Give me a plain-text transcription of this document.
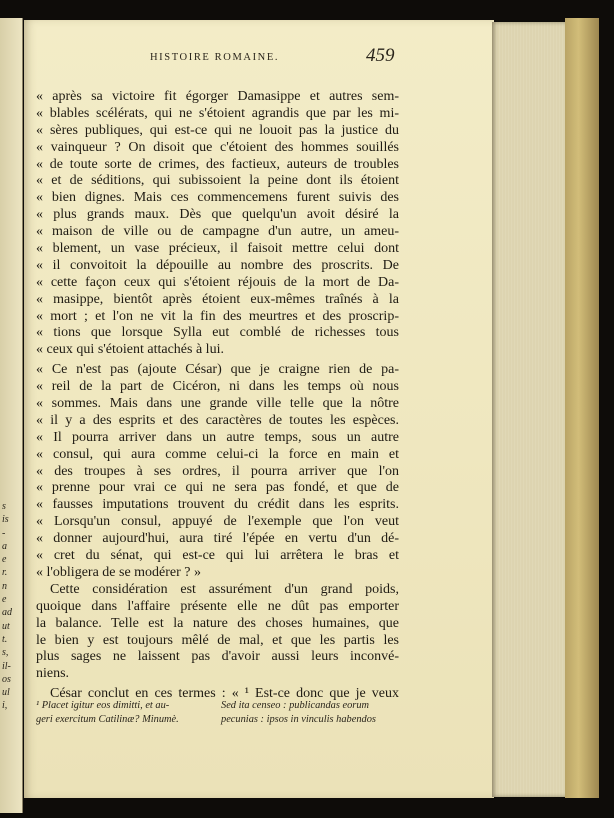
s
is
-
a
e
r.
n
e
ad
ut
t.
s,
il-
os
ul
i,
HISTOIRE ROMAINE.	459
« après sa victoire fit égorger Damasippe et autres sem-
« blables scélérats, qui ne s'étoient agrandis que par les mi-
« sères publiques, qui est-ce qui ne louoit pas la justice du
« vainqueur ? On disoit que c'étoient des hommes souillés
« de toute sorte de crimes, des factieux, auteurs de troubles
« et de séditions, qui subissoient la peine dont ils étoient
« bien dignes. Mais ces commencemens furent suivis des
« plus grands maux. Dès que quelqu'un avoit désiré la
« maison de ville ou de campagne d'un autre, un ameu-
« blement, un vase précieux, il faisoit mettre celui dont
« il convoitoit la dépouille au nombre des proscrits. De
« cette façon ceux qui s'étoient réjouis de la mort de Da-
« masippe, bientôt après étoient eux-mêmes traînés à la
« mort ; et l'on ne vit la fin des meurtres et des proscrip-
« tions que lorsque Sylla eut comblé de richesses tous
« ceux qui s'étoient attachés à lui.
« Ce n'est pas (ajoute César) que je craigne rien de pa-
« reil de la part de Cicéron, ni dans les temps où nous
« sommes. Mais dans une grande ville telle que la nôtre
« il y a des esprits et des caractères de toutes les espèces.
« Il pourra arriver dans un autre temps, sous un autre
« consul, qui aura comme celui-ci la force en main et
« des troupes à ses ordres, il pourra arriver que l'on
« prenne pour vrai ce qui ne sera pas fondé, et que de
« fausses imputations trouvent du crédit dans les esprits.
« Lorsqu'un consul, appuyé de l'exemple que l'on veut
« donner aujourd'hui, aura tiré l'épée en vertu d'un dé-
« cret du sénat, qui est-ce qui lui arrêtera le bras et
« l'obligera de se modérer ? »
Cette considération est assurément d'un grand poids,
quoique dans l'affaire présente elle ne dût pas emporter
la balance. Telle est la nature des choses humaines, que
le bien y est toujours mêlé de mal, et que les partis les
plus sages ne laissent pas d'avoir aussi leurs inconvé-
niens.
César conclut en ces termes : « ¹ Est-ce donc que je veux
¹ Placet igitur eos dimitti, et au-
geri exercitum Catilinæ? Minumè.
Sed ita censeo : publicandas eorum
pecunias : ipsos in vinculis habendos
